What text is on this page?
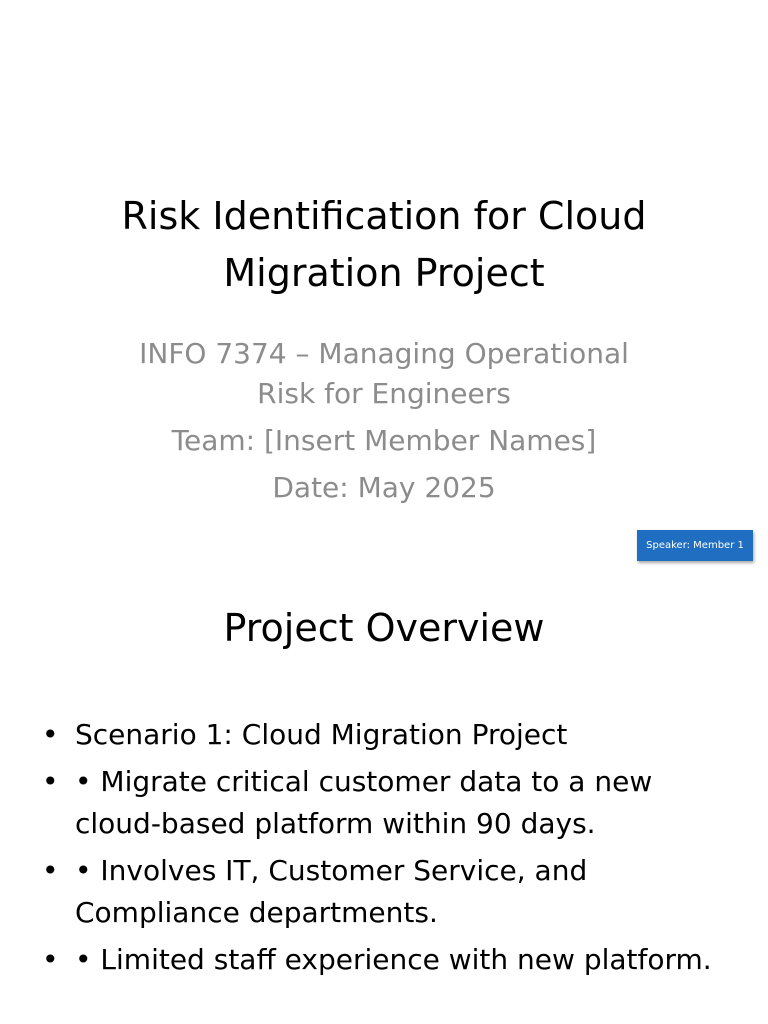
Risk Identification for Cloud
Migration Project
INFO 7374 – Managing Operational
Risk for Engineers
Team: [Insert Member Names]
Date: May 2025
Speaker: Member 1
Project Overview
• Scenario 1: Cloud Migration Project
• • Migrate critical customer data to a new
cloud-based platform within 90 days.
• • Involves IT, Customer Service, and
Compliance departments.
• • Limited staff experience with new platform.
